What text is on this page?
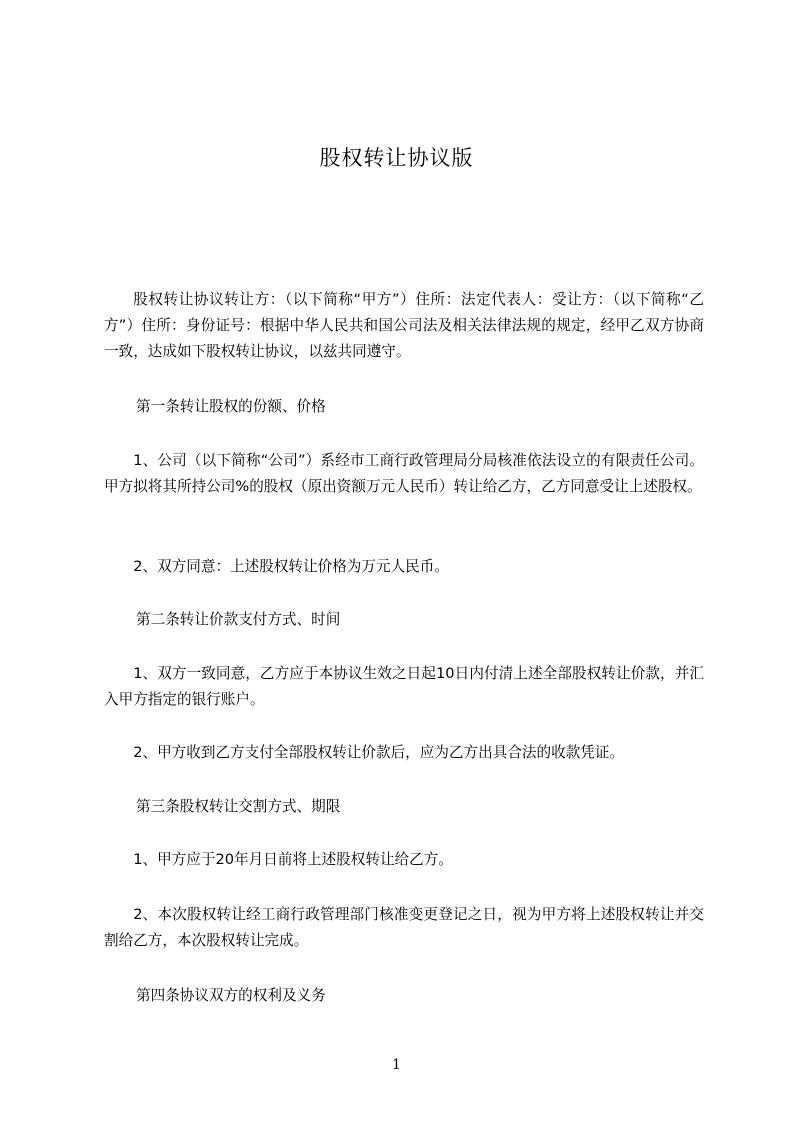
股权转让协议版
股权转让协议转让方：（以下简称“甲方”）住所：法定代表人：受让方：（以下简称“乙方”）住所：身份证号：根据中华人民共和国公司法及相关法律法规的规定，经甲乙双方协商一致，达成如下股权转让协议，以兹共同遵守。
第一条转让股权的份额、价格
1、公司（以下简称“公司”）系经市工商行政管理局分局核准依法设立的有限责任公司。甲方拟将其所持公司%的股权（原出资额万元人民币）转让给乙方，乙方同意受让上述股权。
2、双方同意：上述股权转让价格为万元人民币。
第二条转让价款支付方式、时间
1、双方一致同意，乙方应于本协议生效之日起10日内付清上述全部股权转让价款，并汇入甲方指定的银行账户。
2、甲方收到乙方支付全部股权转让价款后，应为乙方出具合法的收款凭证。
第三条股权转让交割方式、期限
1、甲方应于20年月日前将上述股权转让给乙方。
2、本次股权转让经工商行政管理部门核准变更登记之日，视为甲方将上述股权转让并交割给乙方，本次股权转让完成。
第四条协议双方的权利及义务
1
